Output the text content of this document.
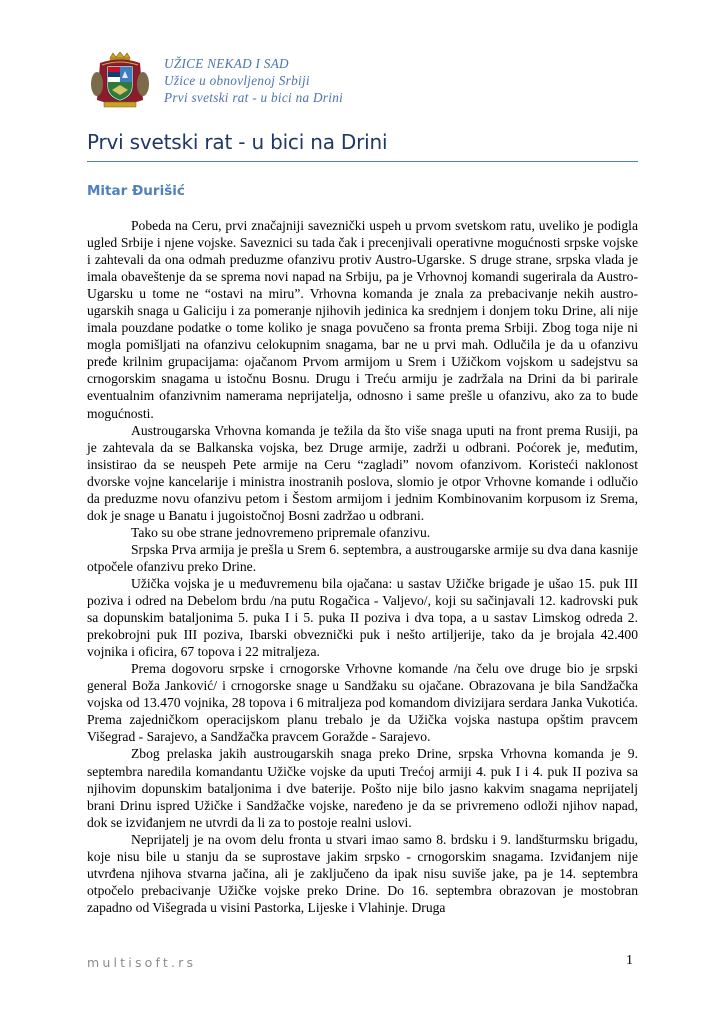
UŽICE NEKAD I SAD
Užice u obnovljenoj Srbiji
Prvi svetski rat - u bici na Drini
Prvi svetski rat - u bici na Drini
Mitar Đurišić

Pobeda na Ceru, prvi značajniji saveznički uspeh u prvom svetskom ratu, uveliko je podigla ugled Srbije i njene vojske. Saveznici su tada čak i precenjivali operativne mogućnosti srpske vojske i zahtevali da ona odmah preduzme ofanzivu protiv Austro-Ugarske. S druge strane, srpska vlada je imala obaveštenje da se sprema novi napad na Srbiju, pa je Vrhovnoj komandi sugerirala da Austro-Ugarsku u tome ne “ostavi na miru”. Vrhovna komanda je znala za prebacivanje nekih austro-ugarskih snaga u Galiciju i za pomeranje njihovih jedinica ka srednjem i donjem toku Drine, ali nije imala pouzdane podatke o tome koliko je snaga povučeno sa fronta prema Srbiji. Zbog toga nije ni mogla pomišljati na ofanzivu celokupnim snagama, bar ne u prvi mah. Odlučila je da u ofanzivu pređe krilnim grupacijama: ojačanom Prvom armijom u Srem i Užičkom vojskom u sadejstvu sa crnogorskim snagama u istočnu Bosnu. Drugu i Treću armiju je zadržala na Drini da bi parirale eventualnim ofanzivnim namerama neprijatelja, odnosno i same prešle u ofanzivu, ako za to bude mogućnosti.

Austrougarska Vrhovna komanda je težila da što više snaga uputi na front prema Rusiji, pa je zahtevala da se Balkanska vojska, bez Druge armije, zadrži u odbrani. Poćorek je, međutim, insistirao da se neuspeh Pete armije na Ceru “zagladi” novom ofanzivom. Koristeći naklonost dvorske vojne kancelarije i ministra inostranih poslova, slomio je otpor Vrhovne komande i odlučio da preduzme novu ofanzivu petom i Šestom armijom i jednim Kombinovanim korpusom iz Srema, dok je snage u Banatu i jugoistočnoj Bosni zadržao u odbrani.

Tako su obe strane jednovremeno pripremale ofanzivu.

Srpska Prva armija je prešla u Srem 6. septembra, a austrougarske armije su dva dana kasnije otpočele ofanzivu preko Drine.

Užička vojska je u međuvremenu bila ojačana: u sastav Užičke brigade je ušao 15. puk III poziva i odred na Debelom brdu /na putu Rogačica - Valjevo/, koji su sačinjavali 12. kadrovski puk sa dopunskim bataljonima 5. puka I i 5. puka II poziva i dva topa, a u sastav Limskog odreda 2. prekobrojni puk III poziva, Ibarski obveznički puk i nešto artiljerije, tako da je brojala 42.400 vojnika i oficira, 67 topova i 22 mitraljeza.

Prema dogovoru srpske i crnogorske Vrhovne komande /na čelu ove druge bio je srpski general Boža Janković/ i crnogorske snage u Sandžaku su ojačane. Obrazovana je bila Sandžačka vojska od 13.470 vojnika, 28 topova i 6 mitraljeza pod komandom divizijara serdara Janka Vukotića. Prema zajedničkom operacijskom planu trebalo je da Užička vojska nastupa opštim pravcem Višegrad - Sarajevo, a Sandžačka pravcem Goražde - Sarajevo.

Zbog prelaska jakih austrougarskih snaga preko Drine, srpska Vrhovna komanda je 9. septembra naredila komandantu Užičke vojske da uputi Trećoj armiji 4. puk I i 4. puk II poziva sa njihovim dopunskim bataljonima i dve baterije. Pošto nije bilo jasno kakvim snagama neprijatelj brani Drinu ispred Užičke i Sandžačke vojske, naređeno je da se privremeno odloži njihov napad, dok se izviđanjem ne utvrdi da li za to postoje realni uslovi.

Neprijatelj je na ovom delu fronta u stvari imao samo 8. brdsku i 9. landšturmsku brigadu, koje nisu bile u stanju da se suprostave jakim srpsko - crnogorskim snagama. Izviđanjem nije utvrđena njihova stvarna jačina, ali je zaključeno da ipak nisu suviše jake, pa je 14. septembra otpočelo prebacivanje Užičke vojske preko Drine. Do 16. septembra obrazovan je mostobran zapadno od Višegrada u visini Pastorka, Lijeske i Vlahinje. Druga

multisoft.rs	1
